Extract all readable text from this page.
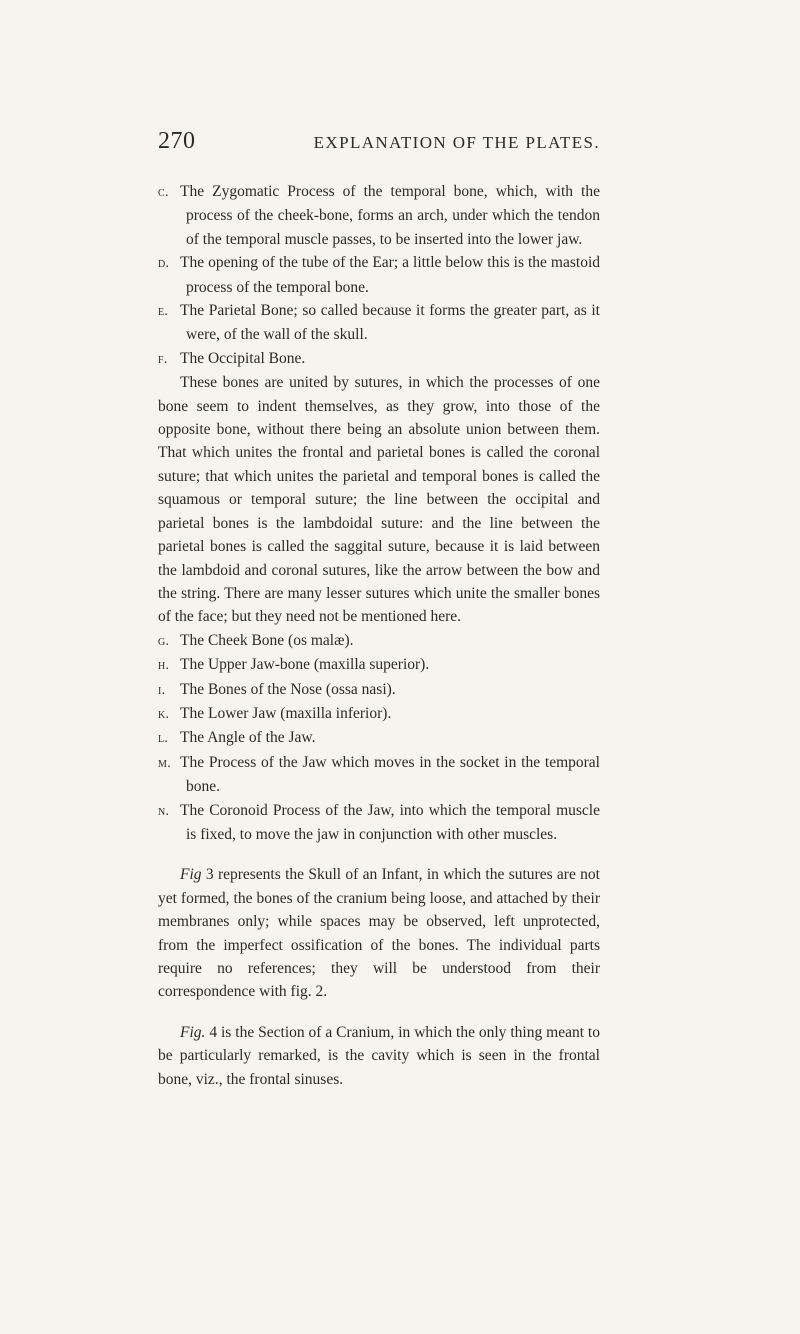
270	EXPLANATION OF THE PLATES.

c. The Zygomatic Process of the temporal bone, which, with the process of the cheek-bone, forms an arch, under which the tendon of the temporal muscle passes, to be inserted into the lower jaw.

d. The opening of the tube of the Ear; a little below this is the mastoid process of the temporal bone.

e. The Parietal Bone; so called because it forms the greater part, as it were, of the wall of the skull.

f. The Occipital Bone.

These bones are united by sutures, in which the processes of one bone seem to indent themselves, as they grow, into those of the opposite bone, without there being an absolute union between them. That which unites the frontal and parietal bones is called the coronal suture; that which unites the parietal and temporal bones is called the squamous or temporal suture; the line between the occipital and parietal bones is the lambdoidal suture: and the line between the parietal bones is called the saggital suture, because it is laid between the lambdoid and coronal sutures, like the arrow between the bow and the string. There are many lesser sutures which unite the smaller bones of the face; but they need not be mentioned here.

g. The Cheek Bone (os malæ).

h. The Upper Jaw-bone (maxilla superior).

i. The Bones of the Nose (ossa nasi).

k. The Lower Jaw (maxilla inferior).

l. The Angle of the Jaw.

m. The Process of the Jaw which moves in the socket in the temporal bone.

n. The Coronoid Process of the Jaw, into which the temporal muscle is fixed, to move the jaw in conjunction with other muscles.

Fig 3 represents the Skull of an Infant, in which the sutures are not yet formed, the bones of the cranium being loose, and attached by their membranes only; while spaces may be observed, left unprotected, from the imperfect ossification of the bones. The individual parts require no references; they will be understood from their correspondence with fig. 2.

Fig. 4 is the Section of a Cranium, in which the only thing meant to be particularly remarked, is the cavity which is seen in the frontal bone, viz., the frontal sinuses.
